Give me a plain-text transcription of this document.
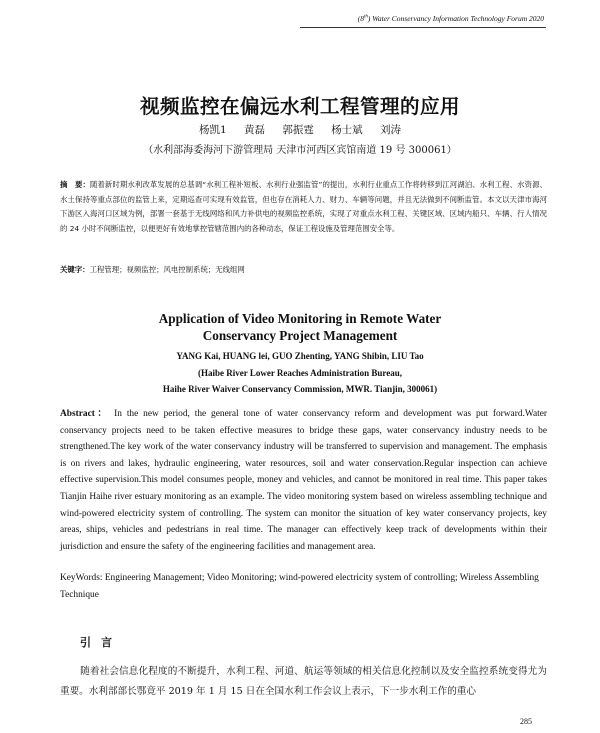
(8th) Water Conservancy Information Technology Forum 2020
视频监控在偏远水利工程管理的应用
杨凯1 黄磊 郭振霆 杨士斌 刘涛
（水利部海委海河下游管理局 天津市河西区宾馆南道 19 号 300061）
摘　要：随着新时期水利改革发展的总基调“水利工程补短板、水利行业强监管”的提出，水利行业重点工作将转移到江河湖泊、水利工程、水资源、水土保持等重点部位的监管上来，定期巡查可实现有效监管，但也存在消耗人力、财力、车辆等问题，并且无法做到不间断监管。本文以天津市海河下游区入海河口区域为例，部署一套基于无线网络和风力补供电的视频监控系统，实现了对重点水利工程、关键区域、区域内船只、车辆、行人情况的 24 小时不间断监控，以便更好有效地掌控管辖范围内的各种动态，保证工程设施及管理范围安全等。
关键字：工程管理；视频监控；风电控制系统；无线组网
Application of Video Monitoring in Remote Water
Conservancy Project Management
YANG Kai, HUANG lei, GUO Zhenting, YANG Shibin, LIU Tao
(Haibe River Lower Reaches Administration Bureau,
Haihe River Waiver Conservancy Commission, MWR. Tianjin, 300061)
Abstract： In the new period, the general tone of water conservancy reform and development was put forward.Water conservancy projects need to be taken effective measures to bridge these gaps, water conservancy industry needs to be strengthened.The key work of the water conservancy industry will be transferred to supervision and management. The emphasis is on rivers and lakes, hydraulic engineering, water resources, soil and water conservation.Regular inspection can achieve effective supervision.This model consumes people, money and vehicles, and cannot be monitored in real time. This paper takes Tianjin Haihe river estuary monitoring as an example. The video monitoring system based on wireless assembling technique and wind-powered electricity system of controlling. The system can monitor the situation of key water conservancy projects, key areas, ships, vehicles and pedestrians in real time. The manager can effectively keep track of developments within their jurisdiction and ensure the safety of the engineering facilities and management area.
KeyWords: Engineering Management; Video Monitoring; wind-powered electricity system of controlling; Wireless Assembling Technique
引言
随着社会信息化程度的不断提升，水利工程、河道、航运等领域的相关信息化控制以及安全监控系统变得尤为重要。水利部部长鄂竟平 2019 年 1 月 15 日在全国水利工作会议上表示，下一步水利工作的重心
285
